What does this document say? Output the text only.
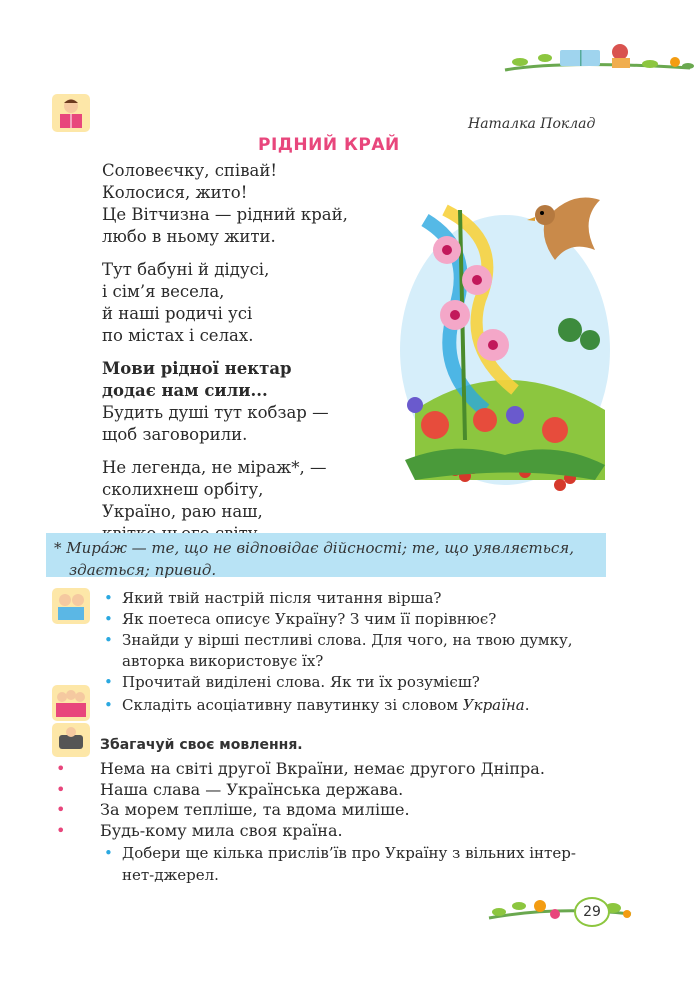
Наталка Поклад
РІДНИЙ КРАЙ
Соловеєчку, співай!
Колосися, жито!
Це Вітчизна — рідний край,
любо в ньому жити.
Тут бабуні й дідусі,
і сім’я весела,
й наші родичі усі
по містах і селах.
Мови рідної нектар
додає нам сили...
Будить душі тут кобзар —
щоб заговорили.
Не легенда, не міраж*, —
сколихнеш орбіту,
Україно, раю наш,
* Мира́ж — те, що не відповідає дійсності; те, що уявляється,
здається; привид.
• Який твій настрій після читання вірша?
• Як поетеса описує Україну? З чим її порівнює?
• Знайди у вірші пестливі слова. Для чого, на твою думку,
авторка використовує їх?
• Прочитай виділені слова. Як ти їх розумієш?
• Складіть асоціативну павутинку зі словом Україна.
Збагачуй своє мовлення.
• Нема на світі другої Вкраїни, немає другого Дніпра.
• Наша слава — Українська держава.
• За морем тепліше, та вдома миліше.
• Будь-кому мила своя країна.
• Добери ще кілька прислів’їв про Україну з вільних інтер-
нет-джерел.
29
